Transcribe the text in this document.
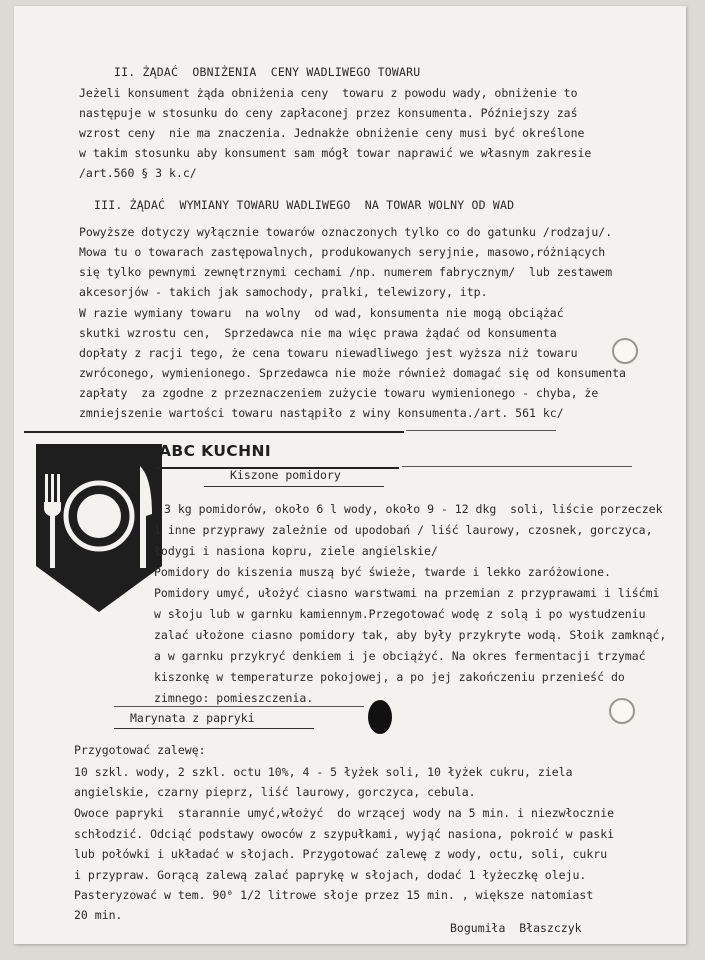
II. ŻĄDAĆ  OBNIŻENIA  CENY WADLIWEGO TOWARU
Jeżeli konsument żąda obniżenia ceny  towaru z powodu wady, obniżenie to
następuje w stosunku do ceny zapłaconej przez konsumenta. Późniejszy zaś
wzrost ceny  nie ma znaczenia. Jednakże obniżenie ceny musi być określone
w takim stosunku aby konsument sam mógł towar naprawić we własnym zakresie
/art.560 § 3 k.c/
III. ŻĄDAĆ  WYMIANY TOWARU WADLIWEGO  NA TOWAR WOLNY OD WAD
Powyższe dotyczy wyłącznie towarów oznaczonych tylko co do gatunku /rodzaju/.
Mowa tu o towarach zastępowalnych, produkowanych seryjnie, masowo,różniących
się tylko pewnymi zewnętrznymi cechami /np. numerem fabrycznym/  lub zestawem
akcesorjów - takich jak samochody, pralki, telewizory, itp.
W razie wymiany towaru  na wolny  od wad, konsumenta nie mogą obciążać
skutki wzrostu cen,  Sprzedawca nie ma więc prawa żądać od konsumenta
dopłaty z racji tego, że cena towaru niewadliwego jest wyższa niż towaru
zwróconego, wymienionego. Sprzedawca nie może również domagać się od konsumenta
zapłaty  za zgodne z przeznaczeniem zużycie towaru wymienionego - chyba, że
zmniejszenie wartości towaru nastąpiło z winy konsumenta./art. 561 kc/
ABC KUCHNI
Kiszone pomidory
3 kg pomidorów, około 6 l wody, około 9 - 12 dkg  soli, liście porzeczek
i inne przyprawy zależnie od upodobań / liść laurowy, czosnek, gorczyca,
łodygi i nasiona kopru, ziele angielskie/
Pomidory do kiszenia muszą być świeże, twarde i lekko zaróżowione.
Pomidory umyć, ułożyć ciasno warstwami na przemian z przyprawami i liśćmi
w słoju lub w garnku kamiennym.Przegotować wodę z solą i po wystudzeniu
zalać ułożone ciasno pomidory tak, aby były przykryte wodą. Słoik zamknąć,
a w garnku przykryć denkiem i je obciążyć. Na okres fermentacji trzymać
kiszonkę w temperaturze pokojowej, a po jej zakończeniu przenieść do
zimnego: pomieszczenia.
Marynata z papryki
Przygotować zalewę:
10 szkl. wody, 2 szkl. octu 10%, 4 - 5 łyżek soli, 10 łyżek cukru, ziela
angielskie, czarny pieprz, liść laurowy, gorczyca, cebula.
Owoce papryki  starannie umyć,włożyć  do wrzącej wody na 5 min. i niezwłocznie
schłodzić. Odciąć podstawy owoców z szypułkami, wyjąć nasiona, pokroić w paski
lub połówki i układać w słojach. Przygotować zalewę z wody, octu, soli, cukru
i przypraw. Gorącą zalewą zalać paprykę w słojach, dodać 1 łyżeczkę oleju.
Pasteryzować w tem. 90⁰ 1/2 litrowe słoje przez 15 min. , większe natomiast
20 min.
Bogumiła  Błaszczyk
